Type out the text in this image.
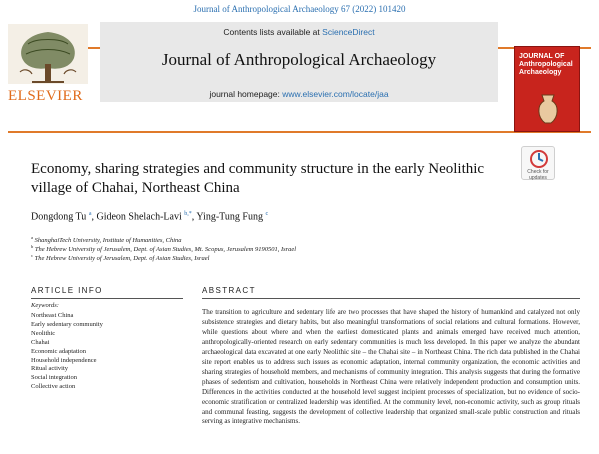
Journal of Anthropological Archaeology 67 (2022) 101420
ELSEVIER
Contents lists available at ScienceDirect
Journal of Anthropological Archaeology
journal homepage: www.elsevier.com/locate/jaa
JOURNAL OF Anthropological Archaeology
Economy, sharing strategies and community structure in the early Neolithic village of Chahai, Northeast China
Check for updates
Dongdong Tu $^a$, Gideon Shelach-Lavi $^{b,*}$, Ying-Tung Fung $^c$
$^a$ ShanghaiTech University, Institute of Humanities, China
$^b$ The Hebrew University of Jerusalem, Dept. of Asian Studies, Mt. Scopus, Jerusalem 9190501, Israel
$^c$ The Hebrew University of Jerusalem, Dept. of Asian Studies, Israel
ARTICLE INFO
Keywords:
Northeast China
Early sedentary community
Neolithic
Chahai
Economic adaptation
Household independence
Ritual activity
Social integration
Collective action
ABSTRACT
The transition to agriculture and sedentary life are two processes that have shaped the history of humankind and catalyzed not only subsistence strategies and dietary habits, but also meaningful transformations of social relations and cultural formations. However, while questions about where and when the earliest domesticated plants and animals emerged have received much attention, anthropologically-oriented research on early sedentary communities is much less developed. In this paper we analyze the abundant archaeological data excavated at one early Neolithic site – the Chahai site – in Northeast China. The rich data published in the Chahai site report enables us to address such issues as economic adaptation, internal community organization, the economic activities and sharing strategies of household members, and mechanisms of community integration. This analysis suggests that during the formative phases of sedentism and cultivation, households in Northeast China were relatively independent production and consumption units. Differences in the activities conducted at the household level suggest incipient processes of specialization, but no evidence of socio-economic stratification or centralized leadership was identified. At the community level, non-economic activity, such as group rituals and communal feasting, suggests the development of collective leadership that organized small-scale public construction and rituals serving as integrative mechanisms.
